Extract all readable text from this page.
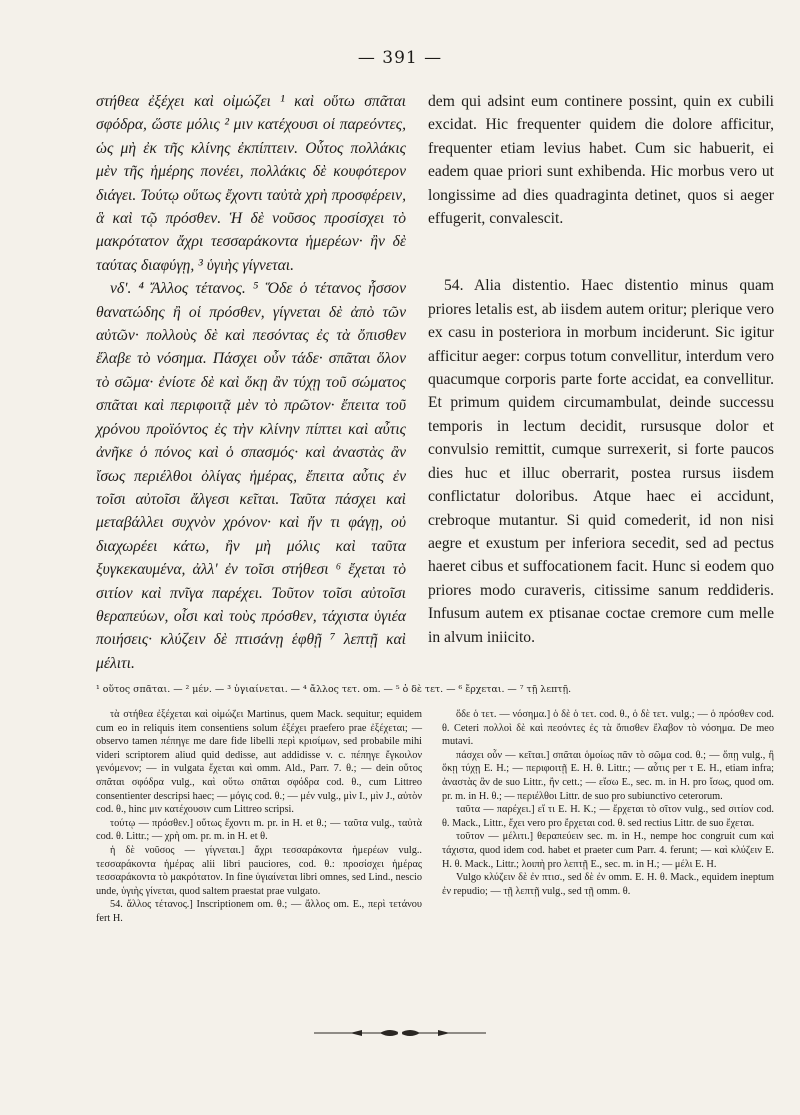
— 391 —

στήθεα ἐξέχει καὶ οἰμώζει ¹ καὶ οὕτω σπᾶται σφόδρα, ὥστε μόλις ² μιν κατέχουσι οἱ παρεόντες, ὡς μὴ ἐκ τῆς κλίνης ἐκπίπτειν. Οὗτος πολλάκις μὲν τῆς ἡμέρης πονέει, πολλάκις δὲ κουφότερον διάγει. Τούτῳ οὕτως ἔχοντι ταὐτὰ χρὴ προσφέρειν, ἃ καὶ τῷ πρόσθεν. Ἡ δὲ νοῦσος προσίσχει τὸ μακρότατον ἄχρι τεσσαράκοντα ἡμερέων· ἢν δὲ ταύτας διαφύγῃ, ³ ὑγιὴς γίγνεται.

νδʹ. ⁴ Ἄλλος τέτανος. ⁵ Ὅδε ὁ τέτανος ἧσσον θανατώδης ἢ οἱ πρόσθεν, γίγνεται δὲ ἀπὸ τῶν αὐτῶν· πολλοὺς δὲ καὶ πεσόντας ἐς τὰ ὄπισθεν ἔλαβε τὸ νόσημα. Πάσχει οὖν τάδε· σπᾶται ὅλον τὸ σῶμα· ἐνίοτε δὲ καὶ ὅκῃ ἂν τύχῃ τοῦ σώματος σπᾶται καὶ περιφοιτᾷ μὲν τὸ πρῶτον· ἔπειτα τοῦ χρόνου προϊόντος ἐς τὴν κλίνην πίπτει καὶ αὖτις ἀνῆκε ὁ πόνος καὶ ὁ σπασμός· καὶ ἀναστὰς ἂν ἴσως περιέλθοι ὀλίγας ἡμέρας, ἔπειτα αὖτις ἐν τοῖσι αὐτοῖσι ἄλγεσι κεῖται. Ταῦτα πάσχει καὶ μεταβάλλει συχνὸν χρόνον· καὶ ἤν τι φάγῃ, οὐ διαχωρέει κάτω, ἢν μὴ μόλις καὶ ταῦτα ξυγκεκαυμένα, ἀλλ' ἐν τοῖσι στήθεσι ⁶ ἔχεται τὸ σιτίον καὶ πνῖγα παρέχει. Τοῦτον τοῖσι αὐτοῖσι θεραπεύων, οἷσι καὶ τοὺς πρόσθεν, τάχιστα ὑγιέα ποιήσεις· κλύζειν δὲ πτισάνῃ ἑφθῇ ⁷ λεπτῇ καὶ μέλιτι.

dem qui adsint eum continere possint, quin ex cubili excidat. Hic frequenter quidem die dolore afficitur, frequenter etiam levius habet. Cum sic habuerit, ei eadem quae priori sunt exhibenda. Hic morbus vero ut longissime ad dies quadraginta detinet, quos si aeger effugerit, convalescit.

54. Alia distentio. Haec distentio minus quam priores letalis est, ab iisdem autem oritur; plerique vero ex casu in posteriora in morbum inciderunt. Sic igitur afficitur aeger: corpus totum convellitur, interdum vero quacumque corporis parte forte accidat, ea convellitur. Et primum quidem circumambulat, deinde successu temporis in lectum decidit, rursusque dolor et convulsio remittit, cumque surrexerit, si forte paucos dies huc et illuc oberrarit, postea rursus iisdem conflictatur doloribus. Atque haec ei accidunt, crebroque mutantur. Si quid comederit, id non nisi aegre et exustum per inferiora secedit, sed ad pectus haeret cibus et suffocationem facit. Hunc si eodem quo priores modo curaveris, citissime sanum reddideris. Infusum autem ex ptisanae coctae cremore cum melle in alvum iniicito.

¹ οὕτος σπᾶται. — ² μέν. — ³ ὑγιαίνεται. — ⁴ ἄλλος τετ. om. — ⁵ ὁ δὲ τετ. — ⁶ ἔρχεται. — ⁷ τῇ λεπτῇ.

τὰ στήθεα ἐξέχεται καὶ οἰμώζει Martinus, quem Mack. sequitur; equidem cum eo in reliquis item consentiens solum ἐξέχει praefero prae ἐξέχεται; — observo tamen πέπηγε me dare fide libelli περὶ κρισίμων, sed probabile mihi videri scriptorem aliud quid dedisse, aut addidisse v. c. πέπηγε ἔγκοιλον γενόμενον; — in vulgata ἔχεται καὶ omm. Ald., Parr. 7. θ.; — dein οὕτος σπᾶται σφόδρα vulg., καὶ οὕτω σπᾶται σφόδρα cod. θ., cum Littreo consentienter descripsi haec; — μόγις cod. θ.; — μέν vulg., μὶν I., μὶν J., αὐτὸν cod. θ., hinc μιν κατέχουσιν cum Littreo scripsi.

τούτῳ — πρόσθεν.] οὕτως ἔχοντι m. pr. in H. et θ.; — ταῦτα vulg., ταὐτὰ cod. θ. Littr.; — χρὴ om. pr. m. in H. et θ.

ἡ δὲ νοῦσος — γίγνεται.] ἄχρι τεσσαράκοντα ἡμερέων vulg.. τεσσαράκοντα ἡμέρας alii libri pauciores, cod. θ.: προσίσχει ἡμέρας τεσσαράκοντα τὸ μακρότατον. In fine ὑγιαίνεται libri omnes, sed Lind., nescio unde, ὑγιὴς γίνεται, quod saltem praestat prae vulgato.

54. ἄλλος τέτανος.] Inscriptionem om. θ.; — ἄλλος om. E., περὶ τετάνου fert H.

ὅδε ὁ τετ. — νόσημα.] ὁ δὲ ὁ τετ. cod. θ., ὁ δὲ τετ. vulg.; — ὁ πρόσθεν cod. θ. Ceteri πολλοὶ δὲ καὶ πεσόντες ἐς τὰ ὄπισθεν ἔλαβον τὸ νόσημα. De meo mutavi.

πάσχει οὖν — κεῖται.] σπᾶται ὁμοίως πᾶν τὸ σῶμα cod. θ.; — ὅπῃ vulg., ἢ ὅκῃ τύχῃ E. H.; — περιφοιτῇ E. H. θ. Littr.; — αὖτις per τ E. H., etiam infra; ἀναστὰς ἂν de suo Littr., ἢν cett.; — εἴσω E., sec. m. in H. pro ἴσως, quod om. pr. m. in H. θ.; — περιέλθοι Littr. de suo pro subiunctivo ceterorum.

ταῦτα — παρέχει.] εἴ τι E. H. K.; — ἔρχεται τὸ σῖτον vulg., sed σιτίον cod. θ. Mack., Littr., ἔχει vero pro ἔρχεται cod. θ. sed rectius Littr. de suo ἔχεται.

τοῦτον — μέλιτι.] θεραπεύειν sec. m. in H., nempe hoc congruit cum καὶ τάχιστα, quod idem cod. habet et praeter cum Parr. 4. ferunt; — καὶ κλύζειν E. H. θ. Mack., Littr.; λοιπὴ pro λεπτῇ E., sec. m. in H.; — μέλι E. H.

Vulgo κλύζειν δὲ ἐν πτισ., sed δὲ ἐν omm. E. H. θ. Mack., equidem ineptum ἐν repudio; — τῇ λεπτῇ vulg., sed τῇ omm. θ.
